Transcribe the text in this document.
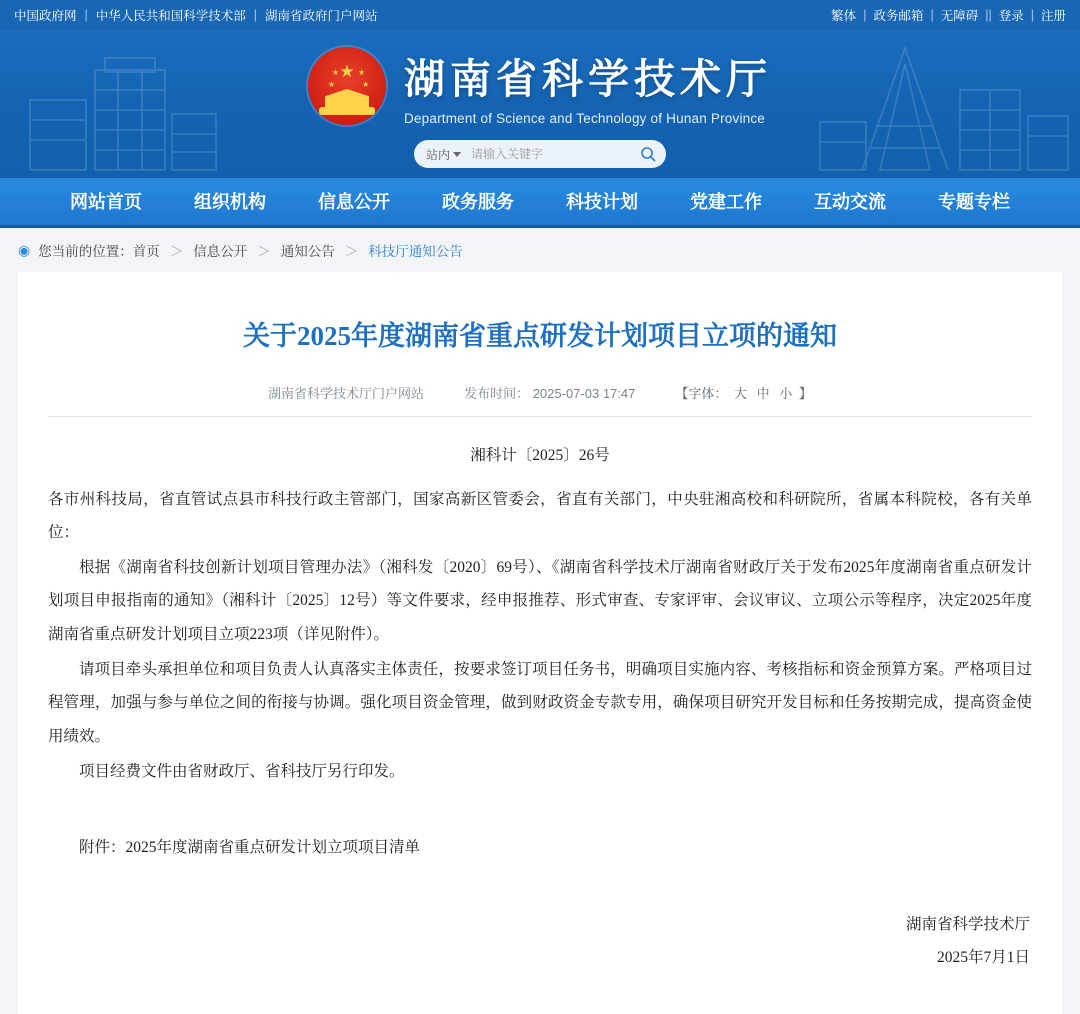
中国政府网 | 中华人民共和国科学技术部 | 湖南省政府门户网站	繁体 | 政务邮箱 | 无障碍 || 登录 | 注册
★
★ ★
★	★ 湖南省科学技术厅
Department of Science and Technology of Hunan Province
站内
请输入关键字
网站首页	组织机构	信息公开	政务服务	科技计划	党建工作	互动交流	专题专栏
◉ 您当前的位置： 首页 ＞ 信息公开 ＞ 通知公告 ＞ 科技厅通知公告
关于2025年度湖南省重点研发计划项目立项的通知
湖南省科学技术厅门户网站	发布时间： 2025-07-03 17:47	【字体： 大 中 小 】
湘科计〔2025〕26号

各市州科技局，省直管试点县市科技行政主管部门，国家高新区管委会，省直有关部门，中央驻湘高校和科研院所，省属本科院校，各有关单位：

根据《湖南省科技创新计划项目管理办法》（湘科发〔2020〕69号）、《湖南省科学技术厅湖南省财政厅关于发布2025年度湖南省重点研发计划项目申报指南的通知》（湘科计〔2025〕12号）等文件要求，经申报推荐、形式审查、专家评审、会议审议、立项公示等程序，决定2025年度湖南省重点研发计划项目立项223项（详见附件）。

请项目牵头承担单位和项目负责人认真落实主体责任，按要求签订项目任务书，明确项目实施内容、考核指标和资金预算方案。严格项目过程管理，加强与参与单位之间的衔接与协调。强化项目资金管理，做到财政资金专款专用，确保项目研究开发目标和任务按期完成，提高资金使用绩效。

项目经费文件由省财政厅、省科技厅另行印发。

附件：2025年度湖南省重点研发计划立项项目清单
湖南省科学技术厅
2025年7月1日
